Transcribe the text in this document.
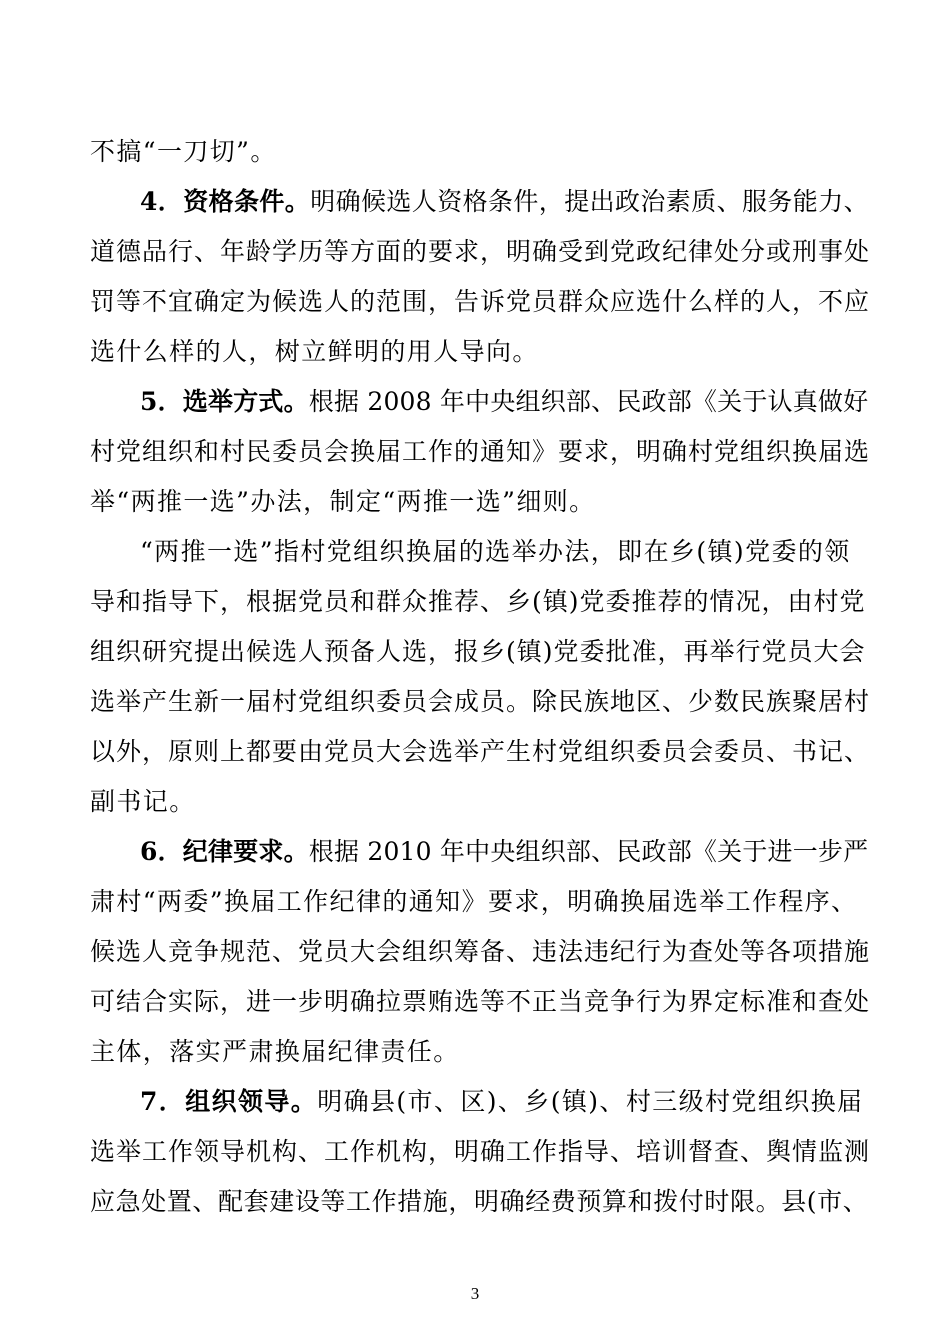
不搞“一刀切”。
4．资格条件。明确候选人资格条件，提出政治素质、服务能力、
道德品行、年龄学历等方面的要求，明确受到党政纪律处分或刑事处
罚等不宜确定为候选人的范围，告诉党员群众应选什么样的人，不应
选什么样的人，树立鲜明的用人导向。
5．选举方式。根据 2008 年中央组织部、民政部《关于认真做好
村党组织和村民委员会换届工作的通知》要求，明确村党组织换届选
举“两推一选”办法，制定“两推一选”细则。
“两推一选”指村党组织换届的选举办法，即在乡(镇)党委的领
导和指导下，根据党员和群众推荐、乡(镇)党委推荐的情况，由村党
组织研究提出候选人预备人选，报乡(镇)党委批准，再举行党员大会
选举产生新一届村党组织委员会成员。除民族地区、少数民族聚居村
以外，原则上都要由党员大会选举产生村党组织委员会委员、书记、
副书记。
6．纪律要求。根据 2010 年中央组织部、民政部《关于进一步严
肃村“两委”换届工作纪律的通知》要求，明确换届选举工作程序、
候选人竞争规范、党员大会组织筹备、违法违纪行为查处等各项措施
可结合实际，进一步明确拉票贿选等不正当竞争行为界定标准和查处
主体，落实严肃换届纪律责任。
7．组织领导。明确县(市、区)、乡(镇)、村三级村党组织换届
选举工作领导机构、工作机构，明确工作指导、培训督查、舆情监测
应急处置、配套建设等工作措施，明确经费预算和拨付时限。县(市、
3
